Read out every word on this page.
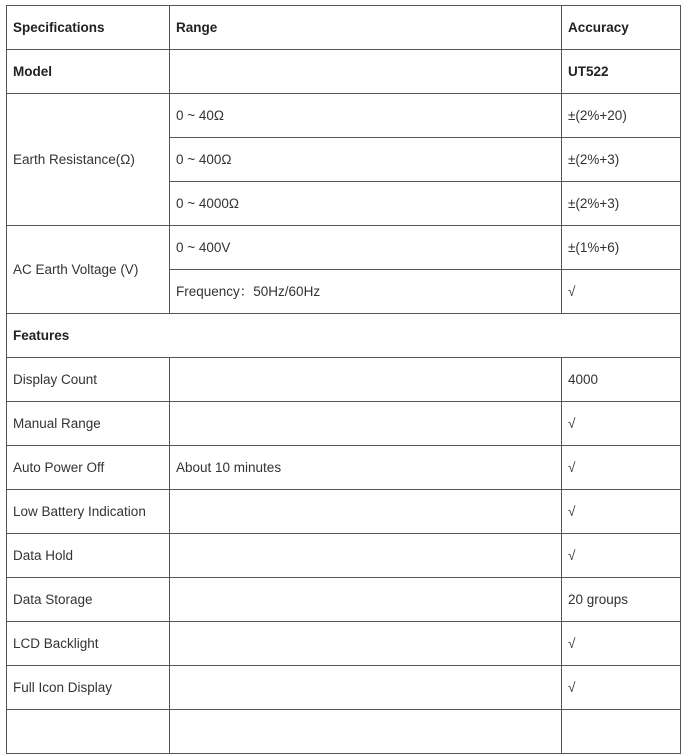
Specifications	Range	Accuracy
Model		UT522
Earth Resistance(Ω)	0 ~ 40Ω	±(2%+20)
	0 ~ 400Ω	±(2%+3)
	0 ~ 4000Ω	±(2%+3)
AC Earth Voltage (V)	0 ~ 400V	±(1%+6)
	Frequency：50Hz/60Hz	√
Features		
Display Count		4000
Manual Range		√
Auto Power Off	About 10 minutes	√
Low Battery Indication		√
Data Hold		√
Data Storage		20 groups
LCD Backlight		√
Full Icon Display		√
